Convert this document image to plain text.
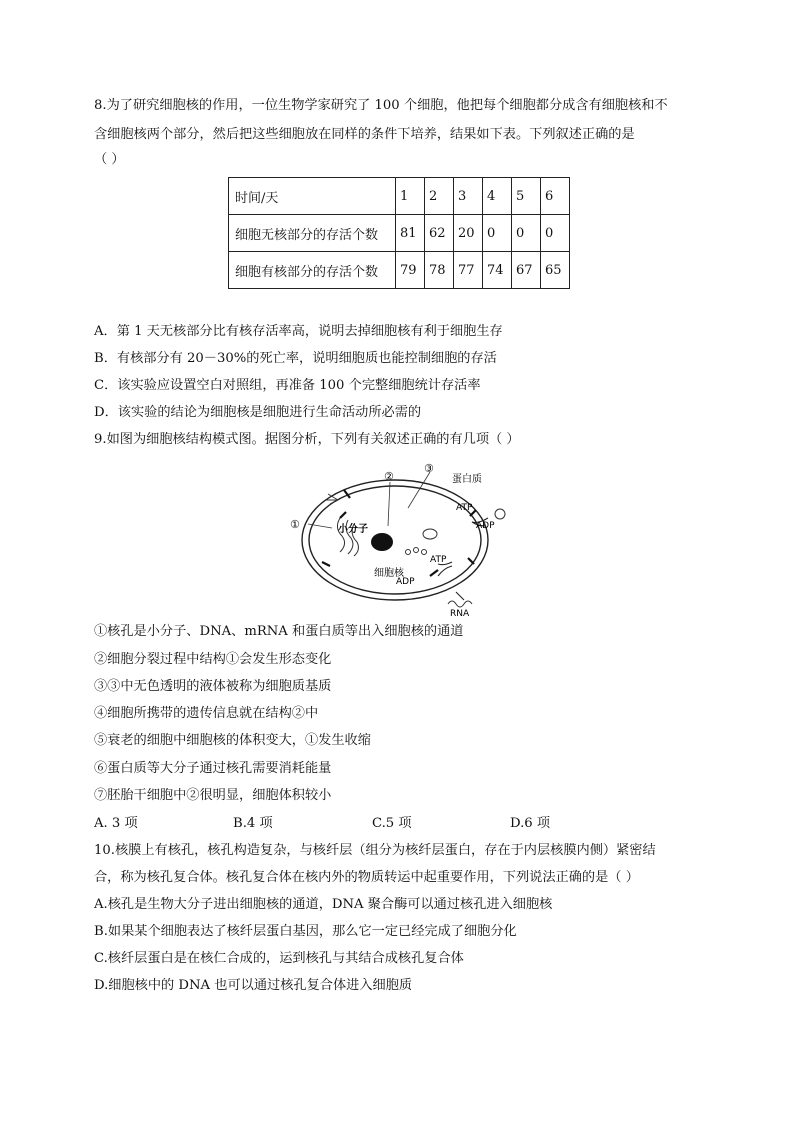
8.为了研究细胞核的作用，一位生物学家研究了 100 个细胞，他把每个细胞都分成含有细胞核和不
含细胞核两个部分，然后把这些细胞放在同样的条件下培养，结果如下表。下列叙述正确的是
（ ）
时间/天	1	2	3	4	5	6
细胞无核部分的存活个数	81	62	20	0	0	0
细胞有核部分的存活个数	79	78	77	74	67	65
A．第 1 天无核部分比有核存活率高，说明去掉细胞核有利于细胞生存
B．有核部分有 20－30%的死亡率，说明细胞质也能控制细胞的存活
C．该实验应设置空白对照组，再准备 100 个完整细胞统计存活率
D．该实验的结论为细胞核是细胞进行生命活动所必需的
9.如图为细胞核结构模式图。据图分析，下列有关叙述正确的有几项（ ）
①
②
③
蛋白质
ATP
ADP
小分子
细胞核
ATP
ADP
RNA
①核孔是小分子、DNA、mRNA 和蛋白质等出入细胞核的通道
②细胞分裂过程中结构①会发生形态变化
③③中无色透明的液体被称为细胞质基质
④细胞所携带的遗传信息就在结构②中
⑤衰老的细胞中细胞核的体积变大，①发生收缩
⑥蛋白质等大分子通过核孔需要消耗能量
⑦胚胎干细胞中②很明显，细胞体积较小
A. 3 项	B.4 项	C.5 项	D.6 项
10.核膜上有核孔，核孔构造复杂，与核纤层（组分为核纤层蛋白，存在于内层核膜内侧）紧密结
合，称为核孔复合体。核孔复合体在核内外的物质转运中起重要作用，下列说法正确的是（ ）
A.核孔是生物大分子进出细胞核的通道，DNA 聚合酶可以通过核孔进入细胞核
B.如果某个细胞表达了核纤层蛋白基因，那么它一定已经完成了细胞分化
C.核纤层蛋白是在核仁合成的，运到核孔与其结合成核孔复合体
D.细胞核中的 DNA 也可以通过核孔复合体进入细胞质
